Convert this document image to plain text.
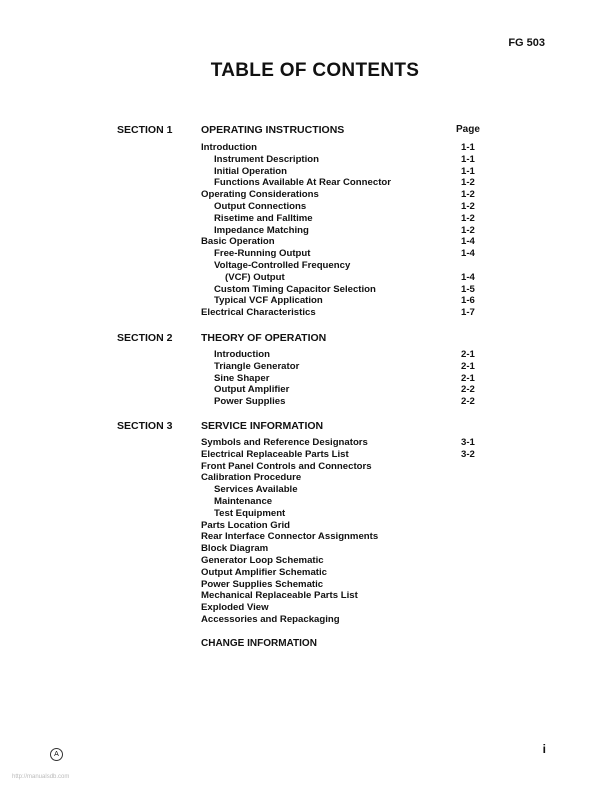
FG 503
TABLE OF CONTENTS
SECTION 1	OPERATING INSTRUCTIONS	Page
Introduction	1-1
Instrument Description	1-1
Initial Operation	1-1
Functions Available At Rear Connector	1-2
Operating Considerations	1-2
Output Connections	1-2
Risetime and Falltime	1-2
Impedance Matching	1-2
Basic Operation	1-4
Free-Running Output	1-4
Voltage-Controlled Frequency
(VCF) Output	1-4
Custom Timing Capacitor Selection	1-5
Typical VCF Application	1-6
Electrical Characteristics	1-7
SECTION 2	THEORY OF OPERATION
Introduction	2-1
Triangle Generator	2-1
Sine Shaper	2-1
Output Amplifier	2-2
Power Supplies	2-2
SECTION 3	SERVICE INFORMATION
Symbols and Reference Designators	3-1
Electrical Replaceable Parts List	3-2
Front Panel Controls and Connectors
Calibration Procedure
Services Available
Maintenance
Test Equipment
Parts Location Grid
Rear Interface Connector Assignments
Block Diagram
Generator Loop Schematic
Output Amplifier Schematic
Power Supplies Schematic
Mechanical Replaceable Parts List
Exploded View
Accessories and Repackaging
CHANGE INFORMATION
A	i
http://manualsdb.com
